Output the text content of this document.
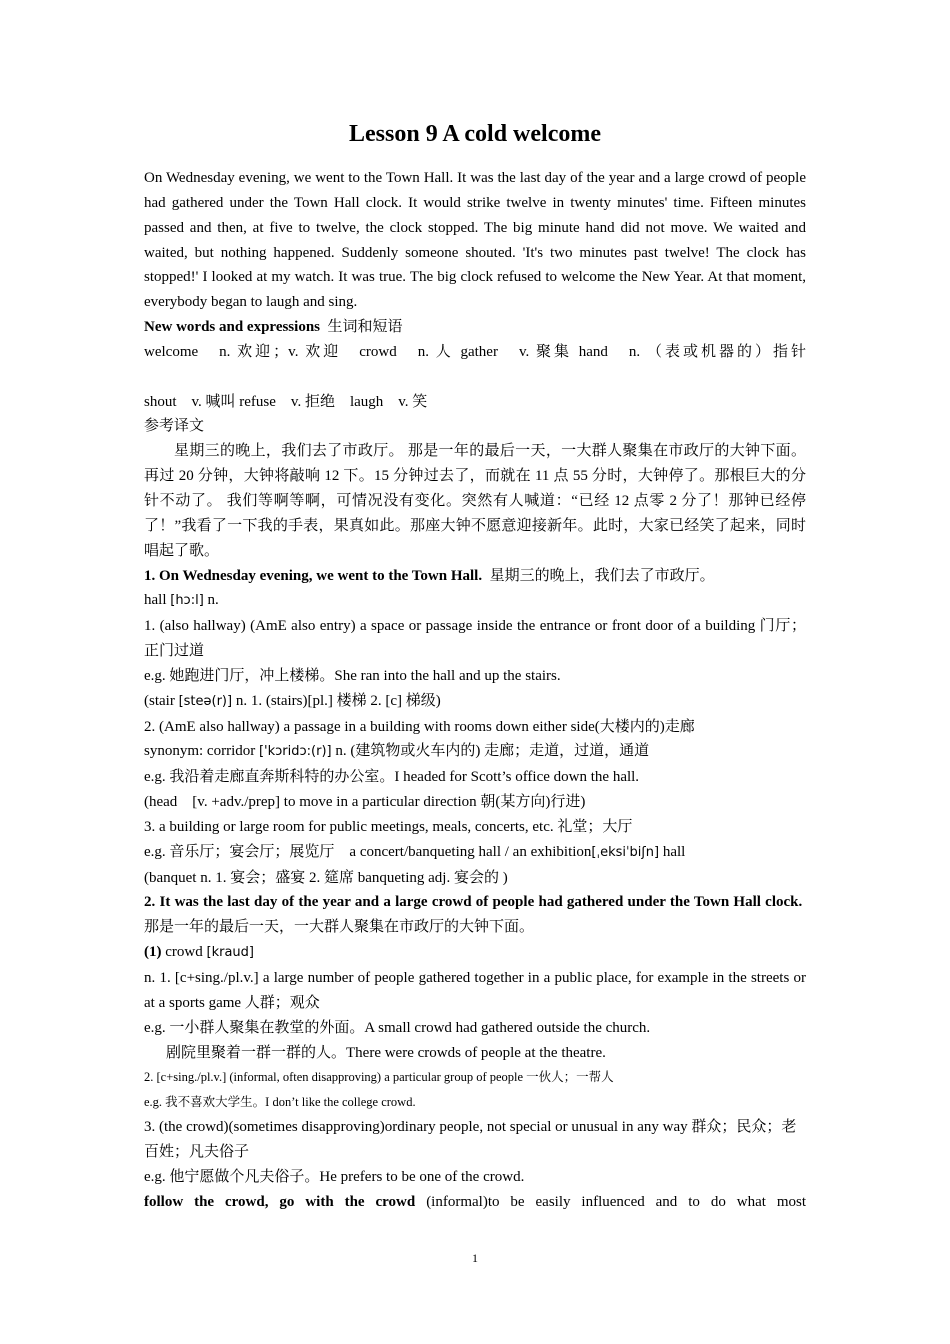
Lesson 9 A cold welcome

On Wednesday evening, we went to the Town Hall. It was the last day of the year and a large crowd of people had gathered under the Town Hall clock. It would strike twelve in twenty minutes' time. Fifteen minutes passed and then, at five to twelve, the clock stopped. The big minute hand did not move. We waited and waited, but nothing happened. Suddenly someone shouted. 'It's two minutes past twelve! The clock has stopped!' I looked at my watch. It was true. The big clock refused to welcome the New Year. At that moment, everybody began to laugh and sing.

New words and expressions 生词和短语

welcome　n. 欢迎；v. 欢迎　crowd　n. 人 gather　v. 聚集 hand　n. （表或机器的）指针

shout　v. 喊叫 refuse　v. 拒绝　laugh　v. 笑

参考译文

星期三的晚上，我们去了市政厅。 那是一年的最后一天，一大群人聚集在市政厅的大钟下面。再过 20 分钟，大钟将敲响 12 下。15 分钟过去了，而就在 11 点 55 分时，大钟停了。那根巨大的分针不动了。 我们等啊等啊，可情况没有变化。突然有人喊道：“已经 12 点零 2 分了！那钟已经停了！”我看了一下我的手表，果真如此。那座大钟不愿意迎接新年。此时，大家已经笑了起来，同时唱起了歌。

1. On Wednesday evening, we went to the Town Hall. 星期三的晚上，我们去了市政厅。

hall [hɔ:l] n.

1. (also hallway) (AmE also entry) a space or passage inside the entrance or front door of a building 门厅；正门过道

e.g. 她跑进门厅，冲上楼梯。She ran into the hall and up the stairs.

(stair [steə(r)] n. 1. (stairs)[pl.] 楼梯 2. [c] 梯级)

2. (AmE also hallway) a passage in a building with rooms down either side(大楼内的)走廊

synonym: corridor ['kɔridɔ:(r)] n. (建筑物或火车内的) 走廊；走道，过道，通道

e.g. 我沿着走廊直奔斯科特的办公室。I headed for Scott’s office down the hall.

(head　[v. +adv./prep] to move in a particular direction 朝(某方向)行进)

3. a building or large room for public meetings, meals, concerts, etc. 礼堂；大厅

e.g. 音乐厅；宴会厅；展览厅　a concert/banqueting hall / an exhibition[ˌeksiˈbiʃn] hall

(banquet n. 1. 宴会；盛宴 2. 筵席 banqueting adj. 宴会的 )

2. It was the last day of the year and a large crowd of people had gathered under the Town Hall clock.  那是一年的最后一天，一大群人聚集在市政厅的大钟下面。

(1) crowd [kraud]

n. 1. [c+sing./pl.v.] a large number of people gathered together in a public place, for example in the streets or at a sports game 人群；观众

e.g. 一小群人聚集在教堂的外面。A small crowd had gathered outside the church.

剧院里聚着一群一群的人。There were crowds of people at the theatre.

2. [c+sing./pl.v.] (informal, often disapproving) a particular group of people 一伙人；一帮人

e.g. 我不喜欢大学生。I don’t like the college crowd.

3. (the crowd)(sometimes disapproving)ordinary people, not special or unusual in any way 群众；民众；老百姓；凡夫俗子

e.g. 他宁愿做个凡夫俗子。He prefers to be one of the crowd.

follow the crowd, go with the crowd (informal)to be easily influenced and to do what most

1
